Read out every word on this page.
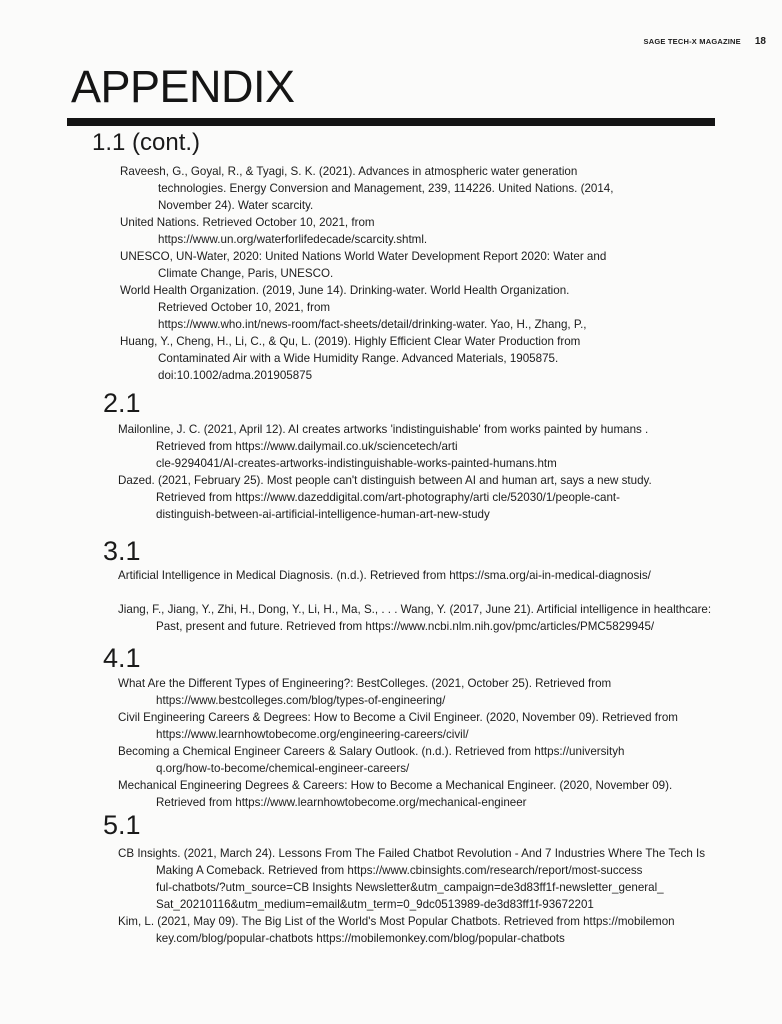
SAGE TECH-X MAGAZINE 18
APPENDIX
1.1 (cont.)
Raveesh, G., Goyal, R., & Tyagi, S. K. (2021). Advances in atmospheric water generation
technologies. Energy Conversion and Management, 239, 114226. United Nations. (2014,
November 24). Water scarcity.
United Nations. Retrieved October 10, 2021, from
https://www.un.org/waterforlifedecade/scarcity.shtml.
UNESCO, UN-Water, 2020: United Nations World Water Development Report 2020: Water and
Climate Change, Paris, UNESCO.
World Health Organization. (2019, June 14). Drinking-water. World Health Organization.
Retrieved October 10, 2021, from
https://www.who.int/news-room/fact-sheets/detail/drinking-water. Yao, H., Zhang, P.,
Huang, Y., Cheng, H., Li, C., & Qu, L. (2019). Highly Efficient Clear Water Production from
Contaminated Air with a Wide Humidity Range. Advanced Materials, 1905875.
doi:10.1002/adma.201905875
2.1
Mailonline, J. C. (2021, April 12). AI creates artworks 'indistinguishable' from works painted by humans .
Retrieved from https://www.dailymail.co.uk/sciencetech/arti
cle-9294041/AI-creates-artworks-indistinguishable-works-painted-humans.htm
Dazed. (2021, February 25). Most people can't distinguish between AI and human art, says a new study.
Retrieved from https://www.dazeddigital.com/art-photography/arti cle/52030/1/people-cant-
distinguish-between-ai-artificial-intelligence-human-art-new-study
3.1
Artificial Intelligence in Medical Diagnosis. (n.d.). Retrieved from https://sma.org/ai-in-medical-diagnosis/
Jiang, F., Jiang, Y., Zhi, H., Dong, Y., Li, H., Ma, S., . . . Wang, Y. (2017, June 21). Artificial intelligence in healthcare:
Past, present and future. Retrieved from https://www.ncbi.nlm.nih.gov/pmc/articles/PMC5829945/
4.1
What Are the Different Types of Engineering?: BestColleges. (2021, October 25). Retrieved from
https://www.bestcolleges.com/blog/types-of-engineering/
Civil Engineering Careers & Degrees: How to Become a Civil Engineer. (2020, November 09). Retrieved from
https://www.learnhowtobecome.org/engineering-careers/civil/
Becoming a Chemical Engineer Careers & Salary Outlook. (n.d.). Retrieved from https://universityh
q.org/how-to-become/chemical-engineer-careers/
Mechanical Engineering Degrees & Careers: How to Become a Mechanical Engineer. (2020, November 09).
Retrieved from https://www.learnhowtobecome.org/mechanical-engineer
5.1
CB Insights. (2021, March 24). Lessons From The Failed Chatbot Revolution - And 7 Industries Where The Tech Is
Making A Comeback. Retrieved from https://www.cbinsights.com/research/report/most-success
ful-chatbots/?utm_source=CB Insights Newsletter&utm_campaign=de3d83ff1f-newsletter_general_
Sat_20210116&utm_medium=email&utm_term=0_9dc0513989-de3d83ff1f-93672201
Kim, L. (2021, May 09). The Big List of the World's Most Popular Chatbots. Retrieved from https://mobilemon
key.com/blog/popular-chatbots https://mobilemonkey.com/blog/popular-chatbots
